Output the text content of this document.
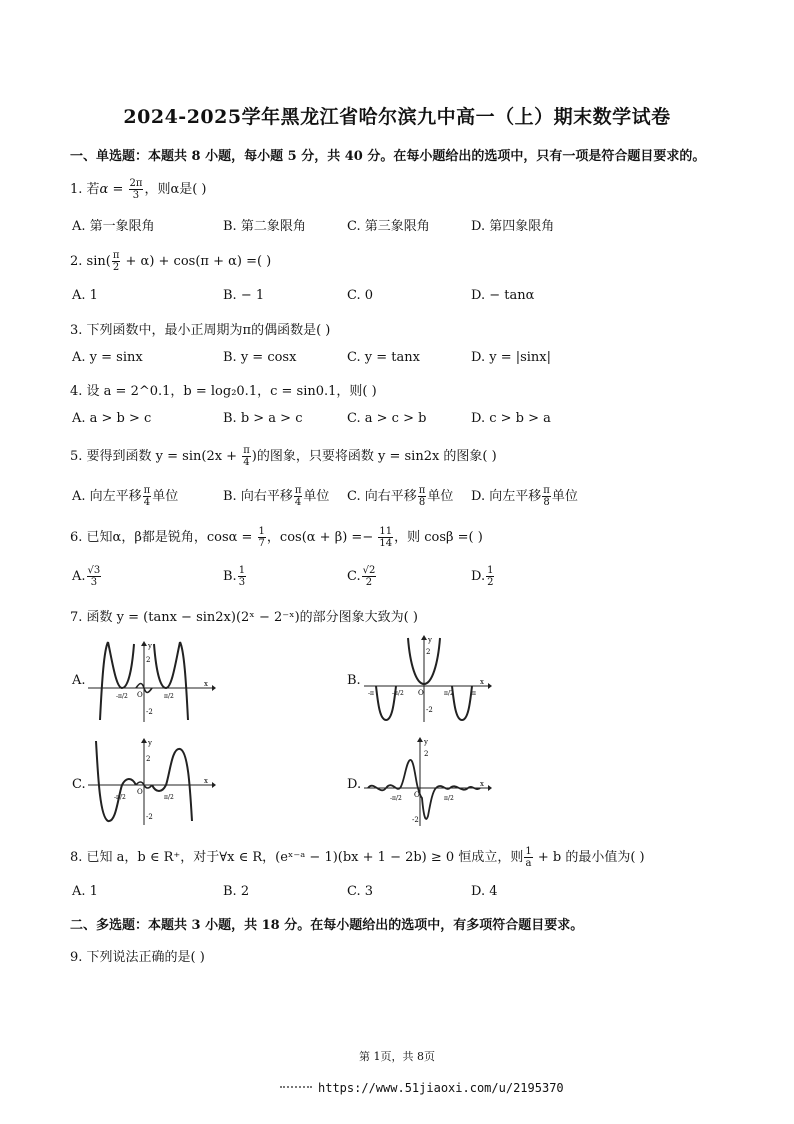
2024-2025学年黑龙江省哈尔滨九中高一（上）期末数学试卷
一、单选题：本题共 8 小题，每小题 5 分，共 40 分。在每小题给出的选项中，只有一项是符合题目要求的。
1. 若$\alpha = \frac{2\pi}{3}$ ，则α是( )
A. 第一象限角	B. 第二象限角	C. 第三象限角	D. 第四象限角
2. $\sin( \frac{\pi}{2} + \alpha) + \cos(\pi + \alpha)$ =( )
A. 1	B. − 1	C. 0	D. − tanα
3. 下列函数中，最小正周期为π的偶函数是( )
A. y = sinx	B. y = cosx	C. y = tanx	D. y = |sinx|
4. 设 a = 2^0.1，b = log₂0.1，c = sin0.1，则( )
A. a > b > c	B. b > a > c	C. a > c > b	D. c > b > a
5. 要得到函数 $y = \sin(2x + \frac{\pi}{4}$ )的图象，只要将函数 y = sin2x 的图象( )
A. 向左平移 $\frac{\pi}{4}$ 单位	B. 向右平移 $\frac{\pi}{4}$ 单位 C. 向右平移 $\frac{\pi}{8}$ 单位 D. 向左平移 $\frac{\pi}{8}$ 单位
6. 已知α，β都是锐角，$\cos\alpha = \frac{1}{7}$ ，$\cos(\alpha + \beta) =- \frac{11}{14}$ ，则 cosβ =( )
A. $\frac{√3}{3}$	B. $\frac{1}{3}$	C. $\frac{√2}{2}$	D. $\frac{1}{2}$
7. 函数 y = (tanx − sin2x)(2ˣ − 2⁻ˣ)的部分图象大致为( )
A.
y
x
O
2
-2
-π/2	π/2
B.
y
x
O
2
-2
-π	-π/2	π/2	π
C.
y
x
O
2
-2
-π/2	π/2
D.
y
x
O
2
-2
-π/2	π/2
8. 已知 a，b ∈ R⁺，对于∀x ∈ R，(eˣ⁻ᵃ − 1)(bx + 1 − 2b) ≥ 0 恒成立，则 $\frac{1}{a} + b$ 的最小值为( )
A. 1	B. 2	C. 3	D. 4
二、多选题：本题共 3 小题，共 18 分。在每小题给出的选项中，有多项符合题目要求。
9. 下列说法正确的是( )
第 1页，共 8页
https://www.51jiaoxi.com/u/2195370
